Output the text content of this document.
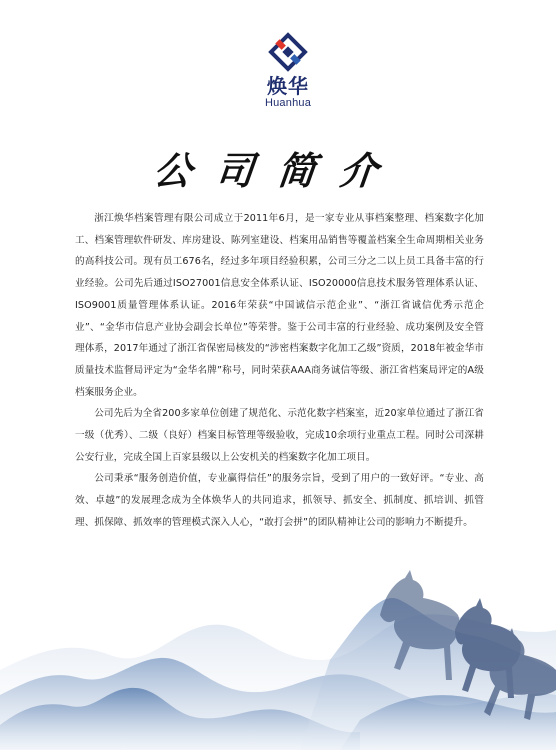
焕华
Huanhua
公司简介

浙江焕华档案管理有限公司成立于2011年6月，是一家专业从事档案整理、档案数字化加工、档案管理软件研发、库房建设、陈列室建设、档案用品销售等覆盖档案全生命周期相关业务的高科技公司。现有员工676名，经过多年项目经验积累，公司三分之二以上员工具备丰富的行业经验。公司先后通过ISO27001信息安全体系认证、ISO20000信息技术服务管理体系认证、ISO9001质量管理体系认证。2016年荣获“中国诚信示范企业”、“浙江省诚信优秀示范企业”、“金华市信息产业协会副会长单位”等荣誉。鉴于公司丰富的行业经验、成功案例及安全管理体系，2017年通过了浙江省保密局核发的“涉密档案数字化加工乙级”资质，2018年被金华市质量技术监督局评定为“金华名牌”称号，同时荣获AAA商务诚信等级、浙江省档案局评定的A级档案服务企业。

公司先后为全省200多家单位创建了规范化、示范化数字档案室，近20家单位通过了浙江省一级（优秀）、二级（良好）档案目标管理等级验收，完成10余项行业重点工程。同时公司深耕公安行业，完成全国上百家县级以上公安机关的档案数字化加工项目。

公司秉承“服务创造价值，专业赢得信任”的服务宗旨，受到了用户的一致好评。“专业、高效、卓越”的发展理念成为全体焕华人的共同追求，抓领导、抓安全、抓制度、抓培训、抓管理、抓保障、抓效率的管理模式深入人心，“敢打会拼”的团队精神让公司的影响力不断提升。
